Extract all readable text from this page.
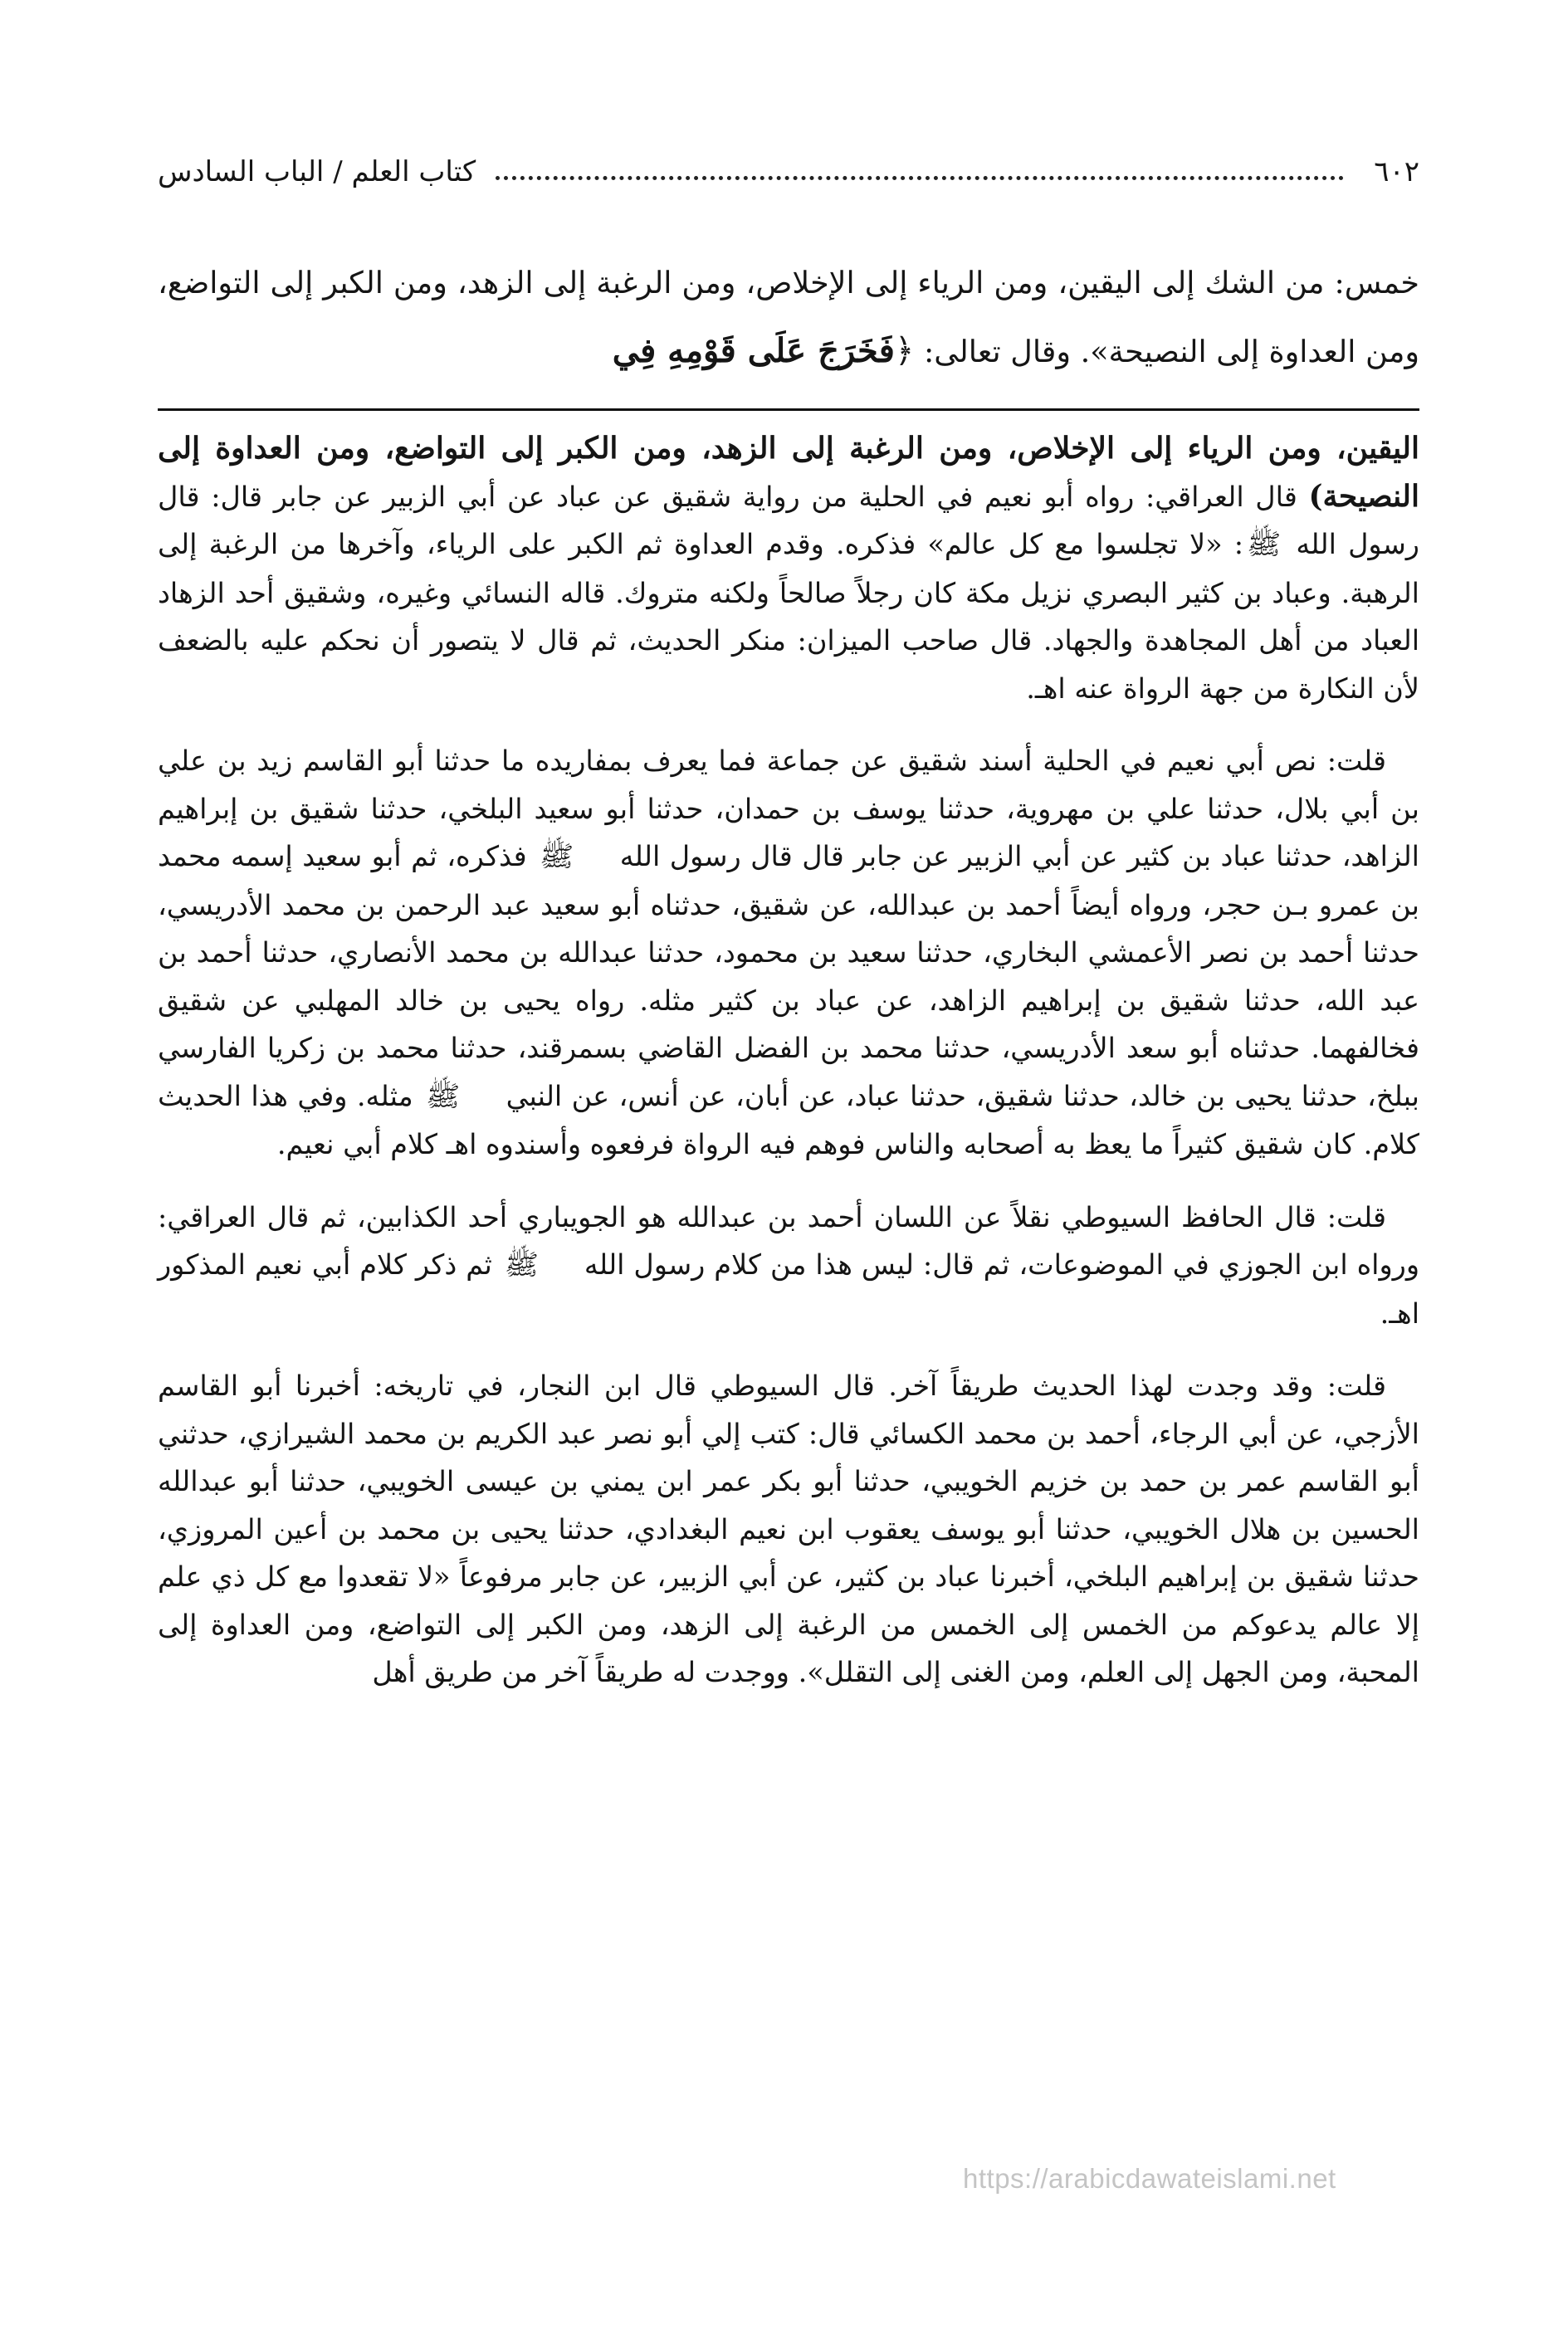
٦٠٢
كتاب العلم / الباب السادس

خمس: من الشك إلى اليقين، ومن الرياء إلى الإخلاص، ومن الرغبة إلى الزهد، ومن الكبر إلى التواضع، ومن العداوة إلى النصيحة». وقال تعالى: ﴿فَخَرَجَ عَلَى قَوْمِهِ فِي

اليقين، ومن الرياء إلى الإخلاص، ومن الرغبة إلى الزهد، ومن الكبر إلى التواضع، ومن العداوة إلى النصيحة) قال العراقي: رواه أبو نعيم في الحلية من رواية شقيق عن عباد عن أبي الزبير عن جابر قال: قال رسول الله ﷺ: «لا تجلسوا مع كل عالم» فذكره. وقدم العداوة ثم الكبر على الرياء، وآخرها من الرغبة إلى الرهبة. وعباد بن كثير البصري نزيل مكة كان رجلاً صالحاً ولكنه متروك. قاله النسائي وغيره، وشقيق أحد الزهاد العباد من أهل المجاهدة والجهاد. قال صاحب الميزان: منكر الحديث، ثم قال لا يتصور أن نحكم عليه بالضعف لأن النكارة من جهة الرواة عنه اهـ.

قلت: نص أبي نعيم في الحلية أسند شقيق عن جماعة فما يعرف بمفاريده ما حدثنا أبو القاسم زيد بن علي بن أبي بلال، حدثنا علي بن مهروية، حدثنا يوسف بن حمدان، حدثنا أبو سعيد البلخي، حدثنا شقيق بن إبراهيم الزاهد، حدثنا عباد بن كثير عن أبي الزبير عن جابر قال قال رسول الله ﷺ فذكره، ثم أبو سعيد إسمه محمد بن عمرو بـن حجر، ورواه أيضاً أحمد بن عبدالله، عن شقيق، حدثناه أبو سعيد عبد الرحمن بن محمد الأدريسي، حدثنا أحمد بن نصر الأعمشي البخاري، حدثنا سعيد بن محمود، حدثنا عبدالله بن محمد الأنصاري، حدثنا أحمد بن عبد الله، حدثنا شقيق بن إبراهيم الزاهد، عن عباد بن كثير مثله. رواه يحيى بن خالد المهلبي عن شقيق فخالفهما. حدثناه أبو سعد الأدريسي، حدثنا محمد بن الفضل القاضي بسمرقند، حدثنا محمد بن زكريا الفارسي ببلخ، حدثنا يحيى بن خالد، حدثنا شقيق، حدثنا عباد، عن أبان، عن أنس، عن النبي ﷺ مثله. وفي هذا الحديث كلام. كان شقيق كثيراً ما يعظ به أصحابه والناس فوهم فيه الرواة فرفعوه وأسندوه اهـ كلام أبي نعيم.

قلت: قال الحافظ السيوطي نقلاً عن اللسان أحمد بن عبدالله هو الجويباري أحد الكذابين، ثم قال العراقي: ورواه ابن الجوزي في الموضوعات، ثم قال: ليس هذا من كلام رسول الله ﷺ ثم ذكر كلام أبي نعيم المذكور اهـ.

قلت: وقد وجدت لهذا الحديث طريقاً آخر. قال السيوطي قال ابن النجار، في تاريخه: أخبرنا أبو القاسم الأزجي، عن أبي الرجاء، أحمد بن محمد الكسائي قال: كتب إلي أبو نصر عبد الكريم بن محمد الشيرازي، حدثني أبو القاسم عمر بن حمد بن خزيم الخويبي، حدثنا أبو بكر عمر ابن يمني بن عيسى الخويبي، حدثنا أبو عبدالله الحسين بن هلال الخويبي، حدثنا أبو يوسف يعقوب ابن نعيم البغدادي، حدثنا يحيى بن محمد بن أعين المروزي، حدثنا شقيق بن إبراهيم البلخي، أخبرنا عباد بن كثير، عن أبي الزبير، عن جابر مرفوعاً «لا تقعدوا مع كل ذي علم إلا عالم يدعوكم من الخمس إلى الخمس من الرغبة إلى الزهد، ومن الكبر إلى التواضع، ومن العداوة إلى المحبة، ومن الجهل إلى العلم، ومن الغنى إلى التقلل». ووجدت له طريقاً آخر من طريق أهل

https://arabicdawateislami.net
